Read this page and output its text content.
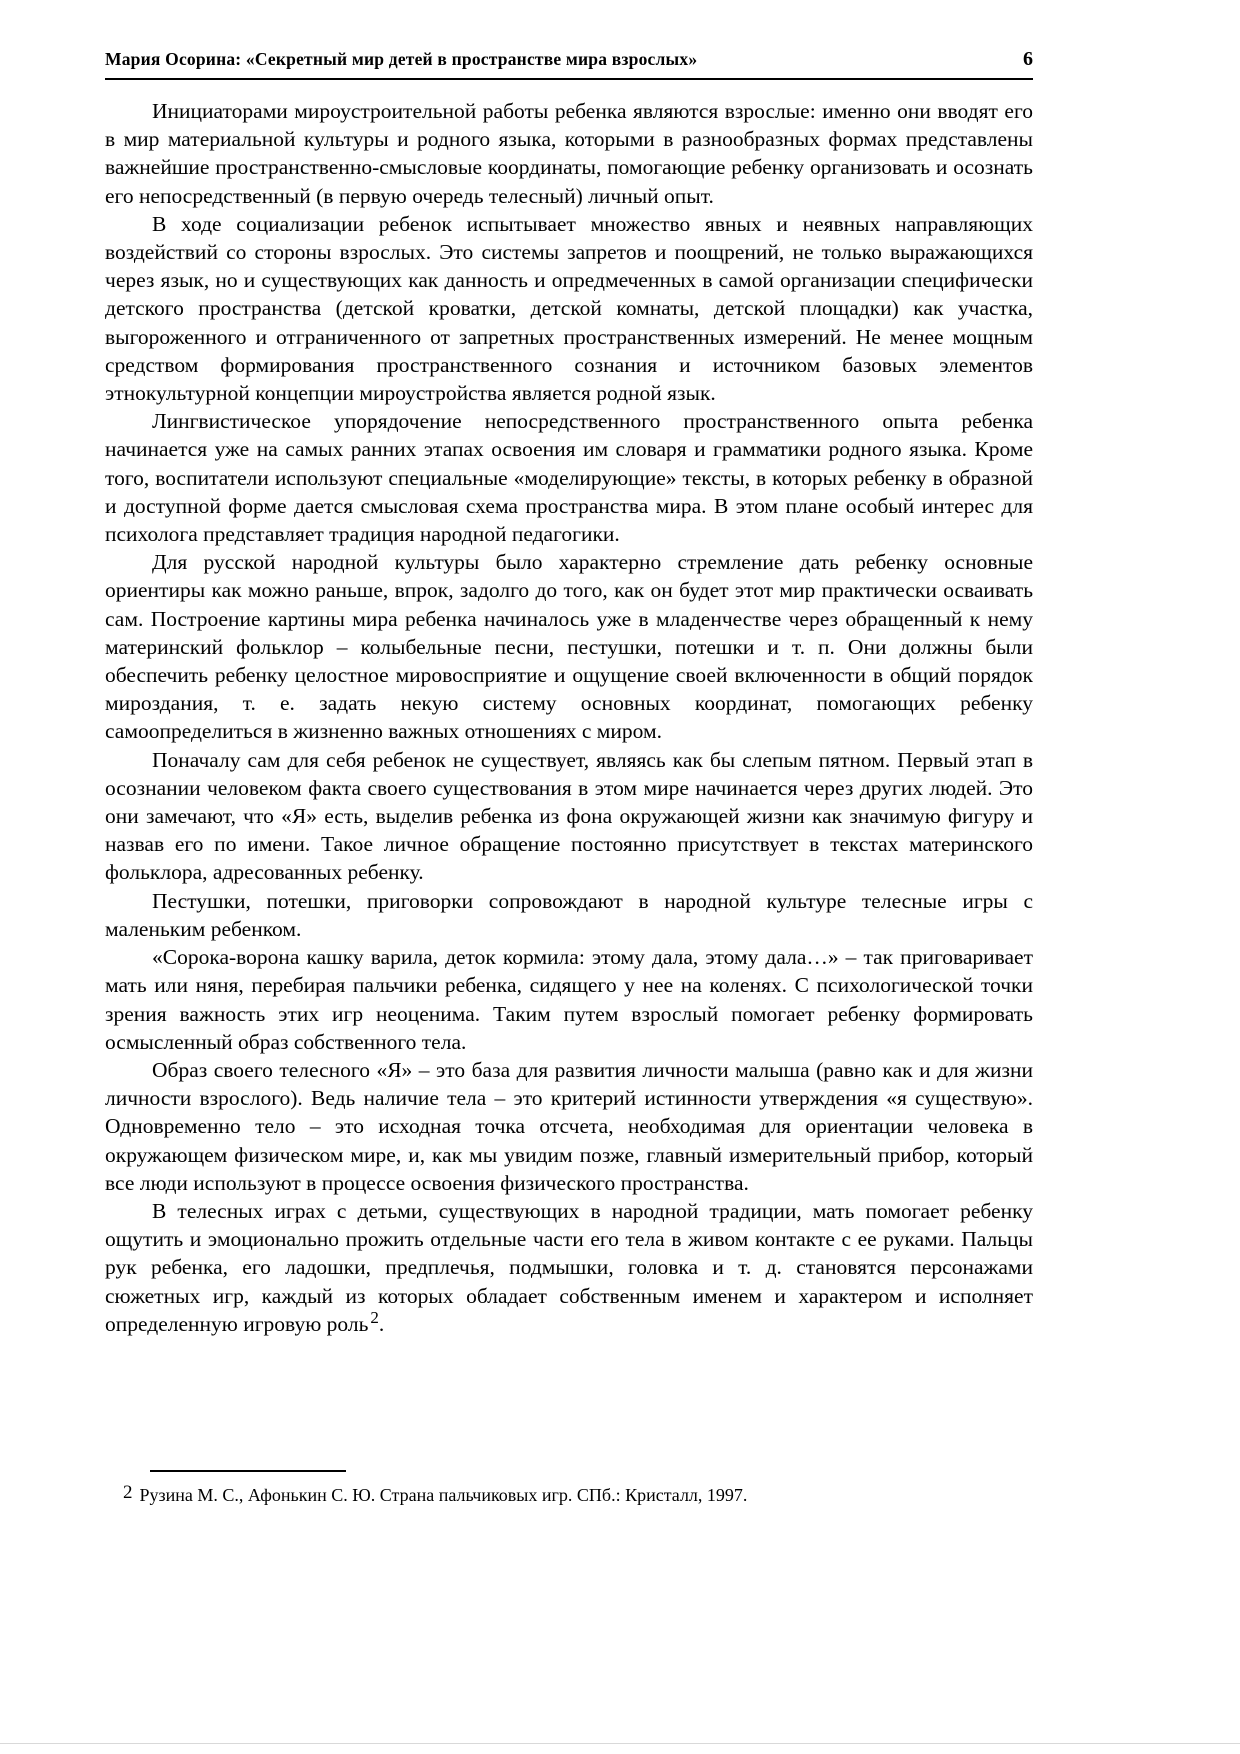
Мария Осорина: «Секретный мир детей в пространстве мира взрослых»	6

Инициаторами мироустроительной работы ребенка являются взрослые: именно они вводят его в мир материальной культуры и родного языка, которыми в разнообразных формах представлены важнейшие пространственно-смысловые координаты, помогающие ребенку организовать и осознать его непосредственный (в первую очередь телесный) личный опыт.

В ходе социализации ребенок испытывает множество явных и неявных направляющих воздействий со стороны взрослых. Это системы запретов и поощрений, не только выражающихся через язык, но и существующих как данность и опредмеченных в самой организации специфически детского пространства (детской кроватки, детской комнаты, детской площадки) как участка, выгороженного и отграниченного от запретных пространственных измерений. Не менее мощным средством формирования пространственного сознания и источником базовых элементов этнокультурной концепции мироустройства является родной язык.

Лингвистическое упорядочение непосредственного пространственного опыта ребенка начинается уже на самых ранних этапах освоения им словаря и грамматики родного языка. Кроме того, воспитатели используют специальные «моделирующие» тексты, в которых ребенку в образной и доступной форме дается смысловая схема пространства мира. В этом плане особый интерес для психолога представляет традиция народной педагогики.

Для русской народной культуры было характерно стремление дать ребенку основные ориентиры как можно раньше, впрок, задолго до того, как он будет этот мир практически осваивать сам. Построение картины мира ребенка начиналось уже в младенчестве через обращенный к нему материнский фольклор – колыбельные песни, пестушки, потешки и т. п. Они должны были обеспечить ребенку целостное мировосприятие и ощущение своей включенности в общий порядок мироздания, т. е. задать некую систему основных координат, помогающих ребенку самоопределиться в жизненно важных отношениях с миром.

Поначалу сам для себя ребенок не существует, являясь как бы слепым пятном. Первый этап в осознании человеком факта своего существования в этом мире начинается через других людей. Это они замечают, что «Я» есть, выделив ребенка из фона окружающей жизни как значимую фигуру и назвав его по имени. Такое личное обращение постоянно присутствует в текстах материнского фольклора, адресованных ребенку.

Пестушки, потешки, приговорки сопровождают в народной культуре телесные игры с маленьким ребенком.

«Сорока-ворона кашку варила, деток кормила: этому дала, этому дала…» – так приговаривает мать или няня, перебирая пальчики ребенка, сидящего у нее на коленях. С психологической точки зрения важность этих игр неоценима. Таким путем взрослый помогает ребенку формировать осмысленный образ собственного тела.

Образ своего телесного «Я» – это база для развития личности малыша (равно как и для жизни личности взрослого). Ведь наличие тела – это критерий истинности утверждения «я существую». Одновременно тело – это исходная точка отсчета, необходимая для ориентации человека в окружающем физическом мире, и, как мы увидим позже, главный измерительный прибор, который все люди используют в процессе освоения физического пространства.

В телесных играх с детьми, существующих в народной традиции, мать помогает ребенку ощутить и эмоционально прожить отдельные части его тела в живом контакте с ее руками. Пальцы рук ребенка, его ладошки, предплечья, подмышки, головка и т. д. становятся персонажами сюжетных игр, каждый из которых обладает собственным именем и характером и исполняет определенную игровую роль $^2$.

$^2$ Рузина М. С., Афонькин С. Ю. Страна пальчиковых игр. СПб.: Кристалл, 1997.
